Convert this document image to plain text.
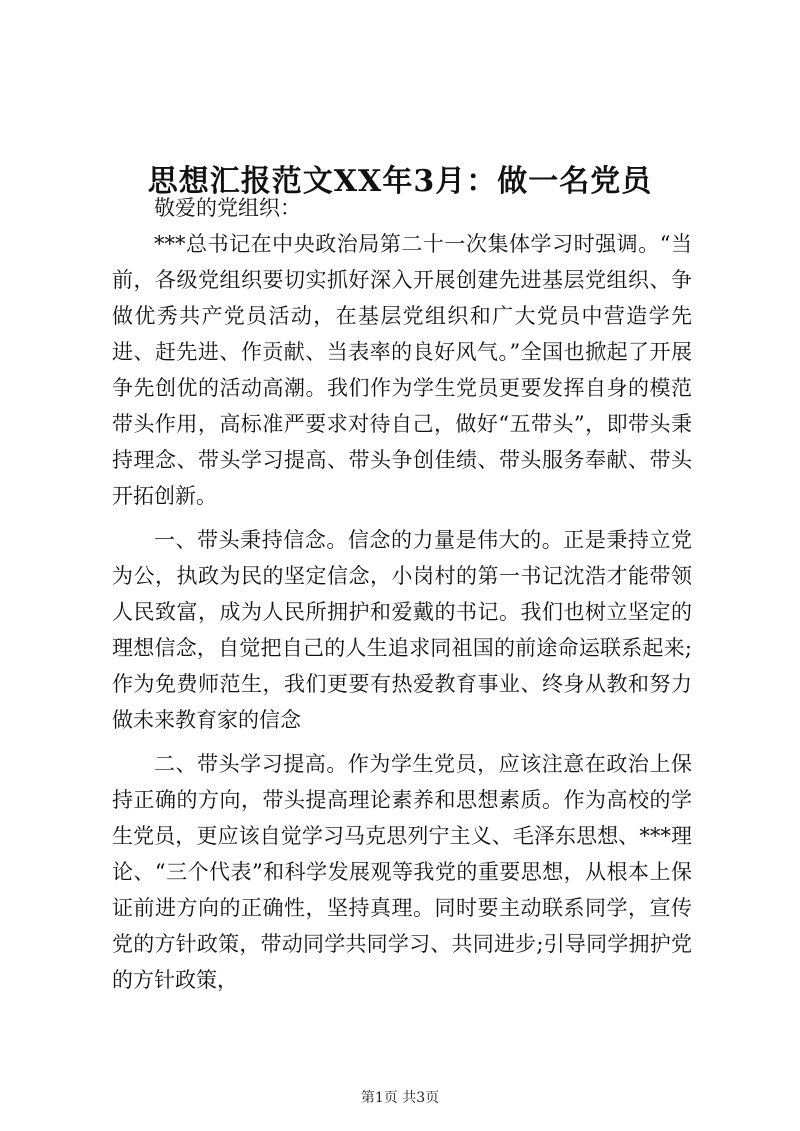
思想汇报范文XX年3月：做一名党员

敬爱的党组织：

***总书记在中央政治局第二十一次集体学习时强调。“当前，各级党组织要切实抓好深入开展创建先进基层党组织、争做优秀共产党员活动，在基层党组织和广大党员中营造学先进、赶先进、作贡献、当表率的良好风气。”全国也掀起了开展争先创优的活动高潮。我们作为学生党员更要发挥自身的模范带头作用，高标准严要求对待自己，做好“五带头”，即带头秉持理念、带头学习提高、带头争创佳绩、带头服务奉献、带头开拓创新。

一、带头秉持信念。信念的力量是伟大的。正是秉持立党为公，执政为民的坚定信念，小岗村的第一书记沈浩才能带领人民致富，成为人民所拥护和爱戴的书记。我们也树立坚定的理想信念，自觉把自己的人生追求同祖国的前途命运联系起来;作为免费师范生，我们更要有热爱教育事业、终身从教和努力做未来教育家的信念

二、带头学习提高。作为学生党员，应该注意在政治上保持正确的方向，带头提高理论素养和思想素质。作为高校的学生党员，更应该自觉学习马克思列宁主义、毛泽东思想、***理论、“三个代表”和科学发展观等我党的重要思想，从根本上保证前进方向的正确性，坚持真理。同时要主动联系同学，宣传党的方针政策，带动同学共同学习、共同进步;引导同学拥护党的方针政策，

第1页 共3页
